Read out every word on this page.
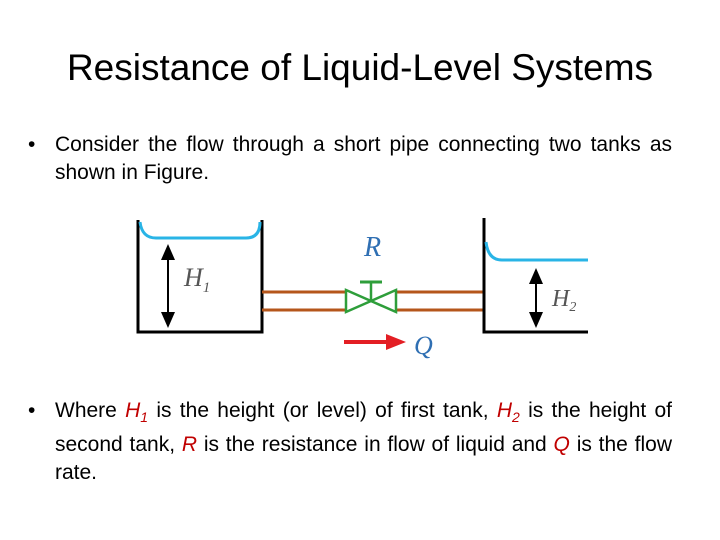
Resistance of Liquid-Level Systems
• Consider the flow through a short pipe connecting two tanks as shown in Figure.
$H_1$
R
Q
$H_2$
• Where $H_1$ is the height (or level) of first tank, $H_2$ is the height of second tank, R is the resistance in flow of liquid and Q is the flow rate.
